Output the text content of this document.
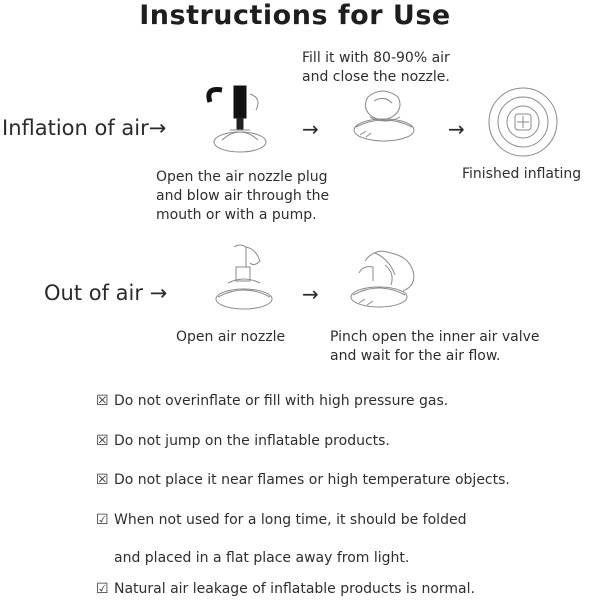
Instructions for Use
Inflation of air→	→	→
Open the air nozzle plug
and blow air through the
mouth or with a pump.
Fill it with 80-90% air
and close the nozzle.
Finished inflating
Out of air →	→
Open air nozzle	Pinch open the inner air valve
and wait for the air flow.
☒ Do not overinflate or fill with high pressure gas.
☒ Do not jump on the inflatable products.
☒ Do not place it near flames or high temperature objects.
☑ When not used for a long time, it should be folded
and placed in a flat place away from light.
☑ Natural air leakage of inflatable products is normal.
